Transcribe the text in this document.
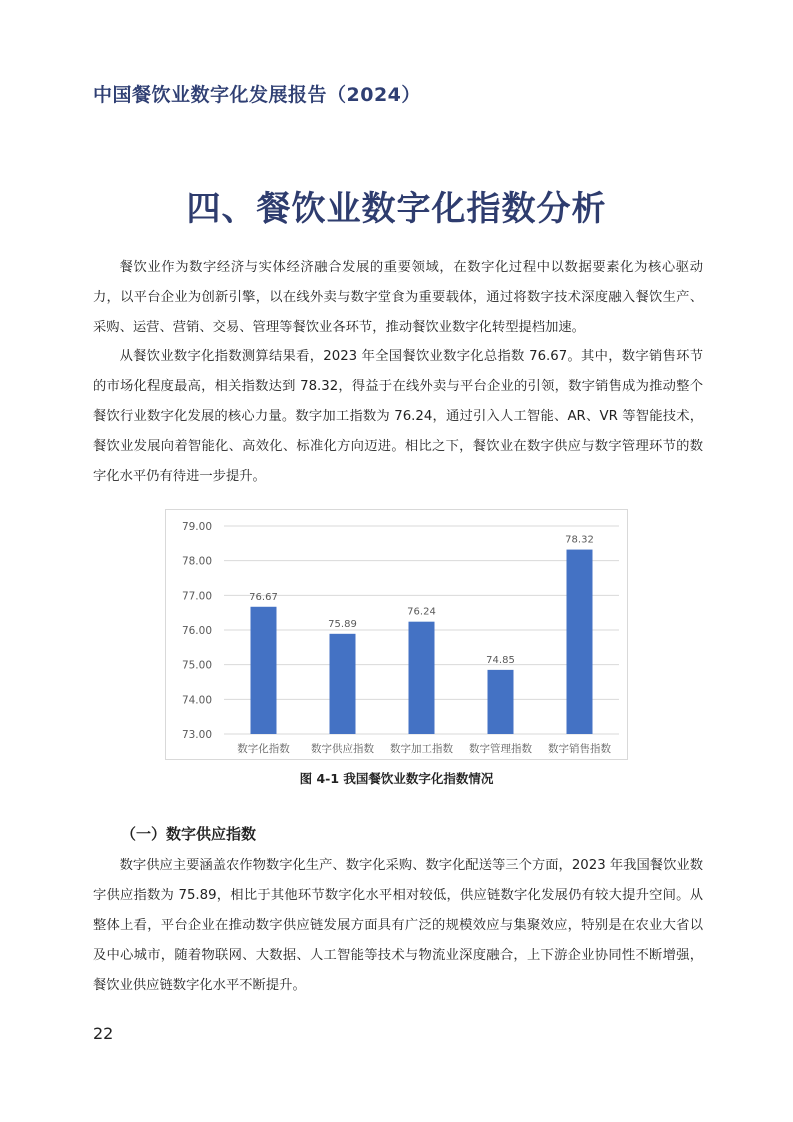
中国餐饮业数字化发展报告（2024）
四、餐饮业数字化指数分析

餐饮业作为数字经济与实体经济融合发展的重要领域，在数字化过程中以数据要素化为核心驱动力，以平台企业为创新引擎，以在线外卖与数字堂食为重要载体，通过将数字技术深度融入餐饮生产、采购、运营、营销、交易、管理等餐饮业各环节，推动餐饮业数字化转型提档加速。

从餐饮业数字化指数测算结果看，2023 年全国餐饮业数字化总指数 76.67。其中，数字销售环节的市场化程度最高，相关指数达到 78.32，得益于在线外卖与平台企业的引领，数字销售成为推动整个餐饮行业数字化发展的核心力量。数字加工指数为 76.24，通过引入人工智能、AR、VR 等智能技术，餐饮业发展向着智能化、高效化、标准化方向迈进。相比之下，餐饮业在数字供应与数字管理环节的数字化水平仍有待进一步提升。

73.00
74.00
75.00
76.00
77.00
78.00
79.00
76.67
数字化指数
75.89
数字供应指数
76.24
数字加工指数
74.85
数字管理指数
78.32
数字销售指数
图 4-1 我国餐饮业数字化指数情况
（一）数字供应指数

数字供应主要涵盖农作物数字化生产、数字化采购、数字化配送等三个方面，2023 年我国餐饮业数字供应指数为 75.89，相比于其他环节数字化水平相对较低，供应链数字化发展仍有较大提升空间。从整体上看，平台企业在推动数字供应链发展方面具有广泛的规模效应与集聚效应，特别是在农业大省以及中心城市，随着物联网、大数据、人工智能等技术与物流业深度融合，上下游企业协同性不断增强，餐饮业供应链数字化水平不断提升。

22
